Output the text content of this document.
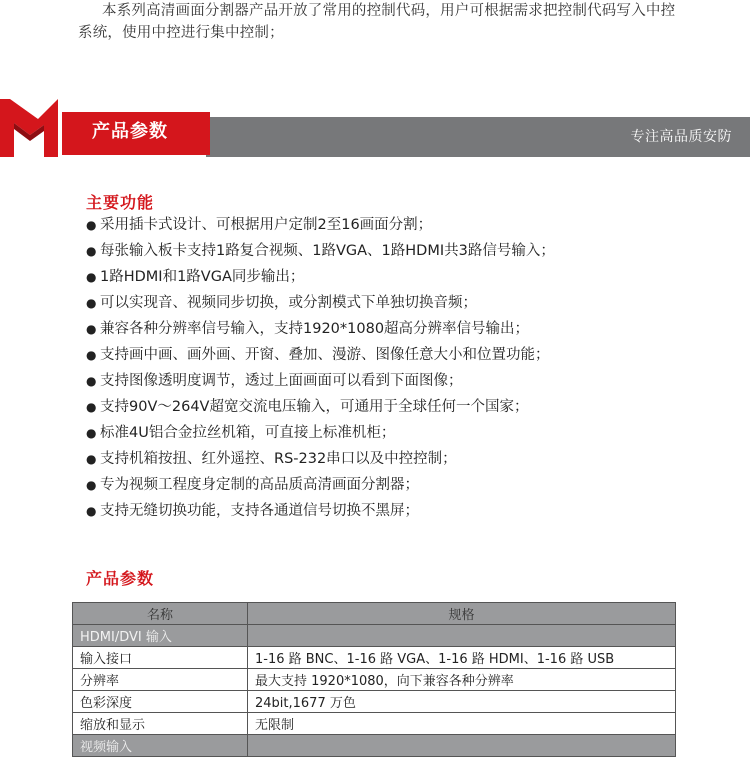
本系列高清画面分割器产品开放了常用的控制代码，用户可根据需求把控制代码写入中控系统，使用中控进行集中控制；
产品参数	专注高品质安防
主要功能
● 采用插卡式设计、可根据用户定制2至16画面分割；
● 每张输入板卡支持1路复合视频、1路VGA、1路HDMI共3路信号输入；
● 1路HDMI和1路VGA同步输出；
● 可以实现音、视频同步切换，或分割模式下单独切换音频；
● 兼容各种分辨率信号输入，支持1920*1080超高分辨率信号输出；
● 支持画中画、画外画、开窗、叠加、漫游、图像任意大小和位置功能；
● 支持图像透明度调节，透过上面画面可以看到下面图像；
● 支持90V～264V超宽交流电压输入，可通用于全球任何一个国家；
● 标准4U铝合金拉丝机箱，可直接上标准机柜；
● 支持机箱按扭、红外遥控、RS-232串口以及中控控制；
● 专为视频工程度身定制的高品质高清画面分割器；
● 支持无缝切换功能，支持各通道信号切换不黑屏；
产品参数
名称	规格
HDMI/DVI 输入	
输入接口	1-16 路 BNC、1-16 路 VGA、1-16 路 HDMI、1-16 路 USB
分辨率	最大支持 1920*1080，向下兼容各种分辨率
色彩深度	24bit,1677 万色
缩放和显示	无限制
视频输入	
